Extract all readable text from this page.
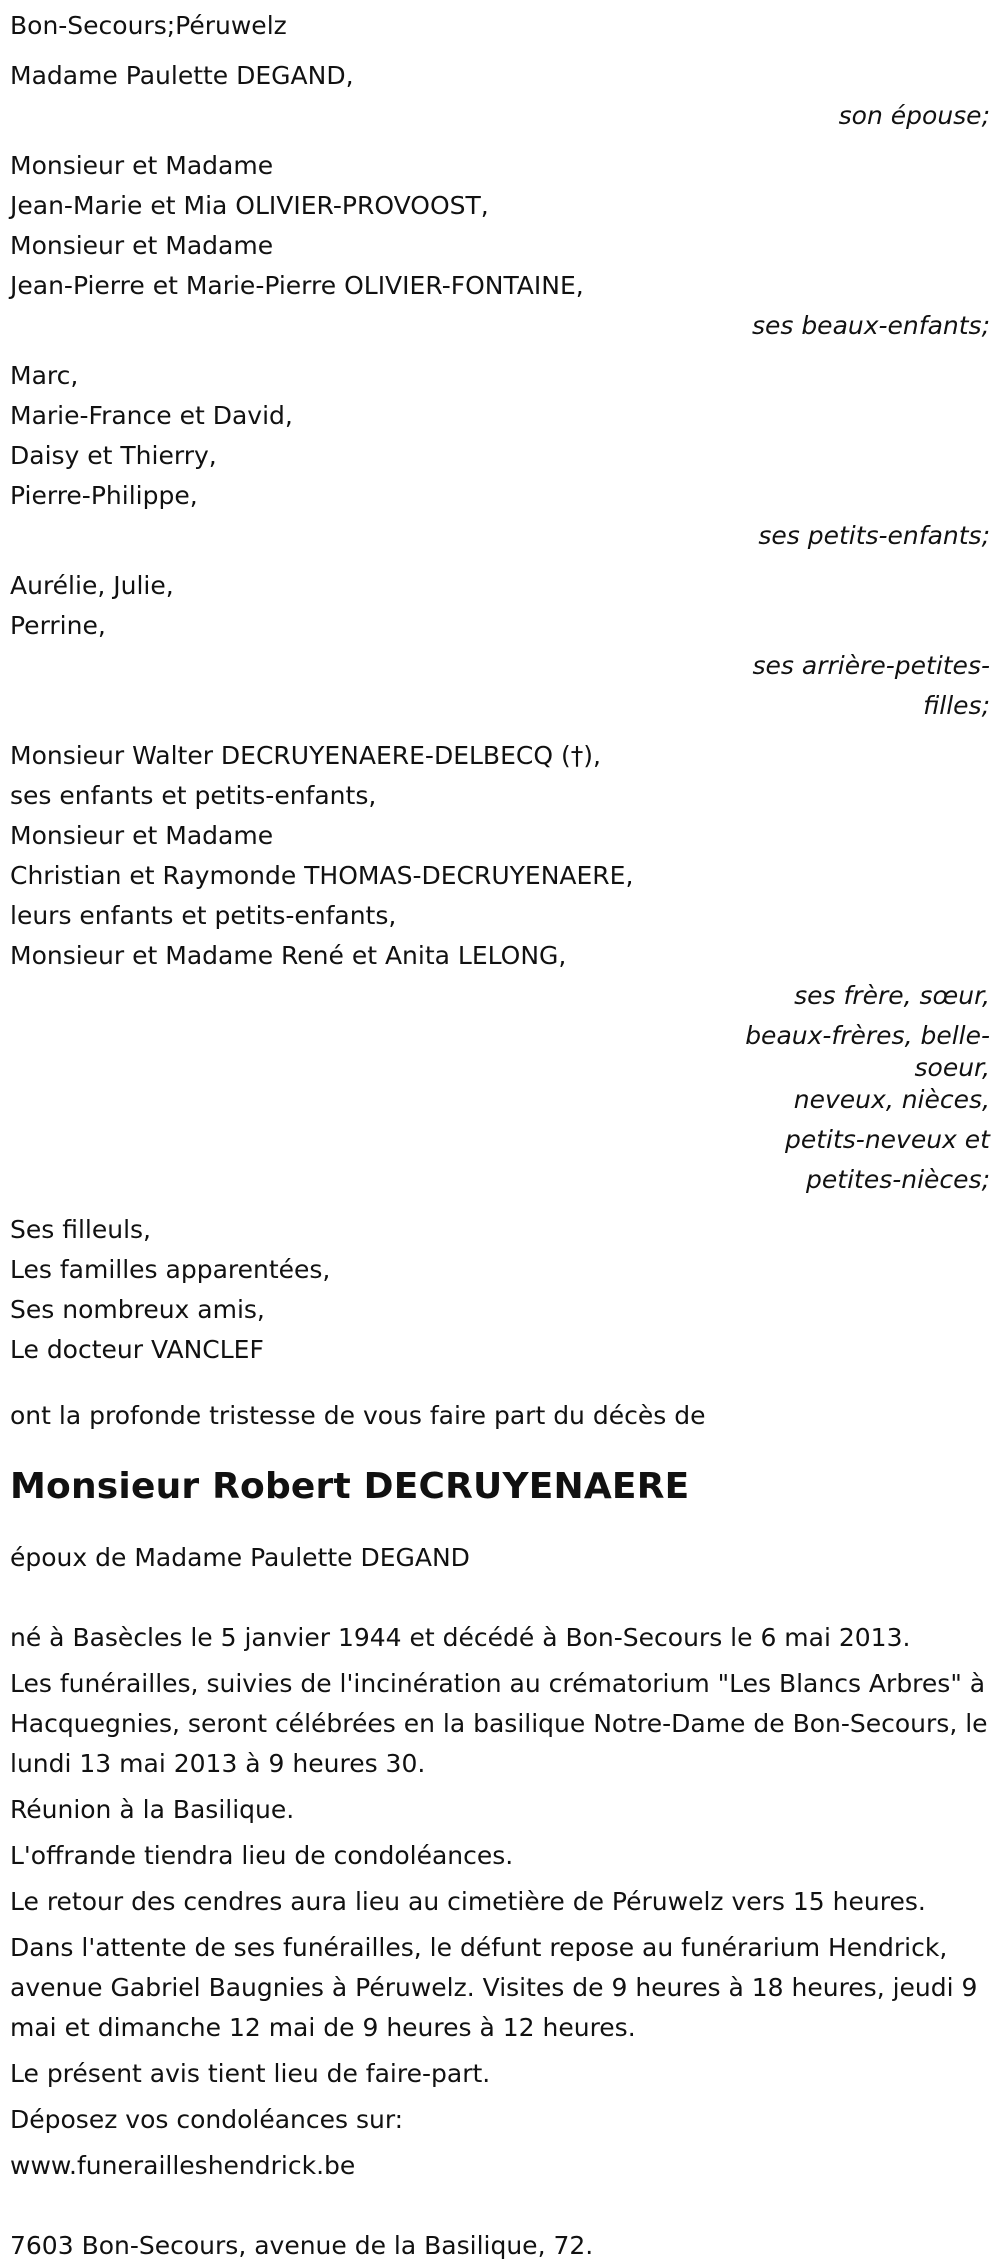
Bon-Secours;Péruwelz
Madame Paulette DEGAND,
son épouse;
Monsieur et Madame
Jean-Marie et Mia OLIVIER-PROVOOST,
Monsieur et Madame
Jean-Pierre et Marie-Pierre OLIVIER-FONTAINE,
ses beaux-enfants;
Marc,
Marie-France et David,
Daisy et Thierry,
Pierre-Philippe,
ses petits-enfants;
Aurélie, Julie,
Perrine,
ses arrière-petites-
filles;
Monsieur Walter DECRUYENAERE-DELBECQ (†),
ses enfants et petits-enfants,
Monsieur et Madame
Christian et Raymonde THOMAS-DECRUYENAERE,
leurs enfants et petits-enfants,
Monsieur et Madame René et Anita LELONG,
ses frère, sœur,
beaux-frères, belle-
soeur,
neveux, nièces,
petits-neveux et
petites-nièces;
Ses filleuls,
Les familles apparentées,
Ses nombreux amis,
Le docteur VANCLEF
ont la profonde tristesse de vous faire part du décès de
Monsieur Robert DECRUYENAERE
époux de Madame Paulette DEGAND
né à Basècles le 5 janvier 1944 et décédé à Bon-Secours le 6 mai 2013.
Les funérailles, suivies de l'incinération au crématorium "Les Blancs Arbres" à Hacquegnies, seront célébrées en la basilique Notre-Dame de Bon-Secours, le lundi 13 mai 2013 à 9 heures 30.
Réunion à la Basilique.
L'offrande tiendra lieu de condoléances.
Le retour des cendres aura lieu au cimetière de Péruwelz vers 15 heures.
Dans l'attente de ses funérailles, le défunt repose au funérarium Hendrick, avenue Gabriel Baugnies à Péruwelz. Visites de 9 heures à 18 heures, jeudi 9 mai et dimanche 12 mai de 9 heures à 12 heures.
Le présent avis tient lieu de faire-part.
Déposez vos condoléances sur:
www.funerailleshendrick.be
7603 Bon-Secours, avenue de la Basilique, 72.
